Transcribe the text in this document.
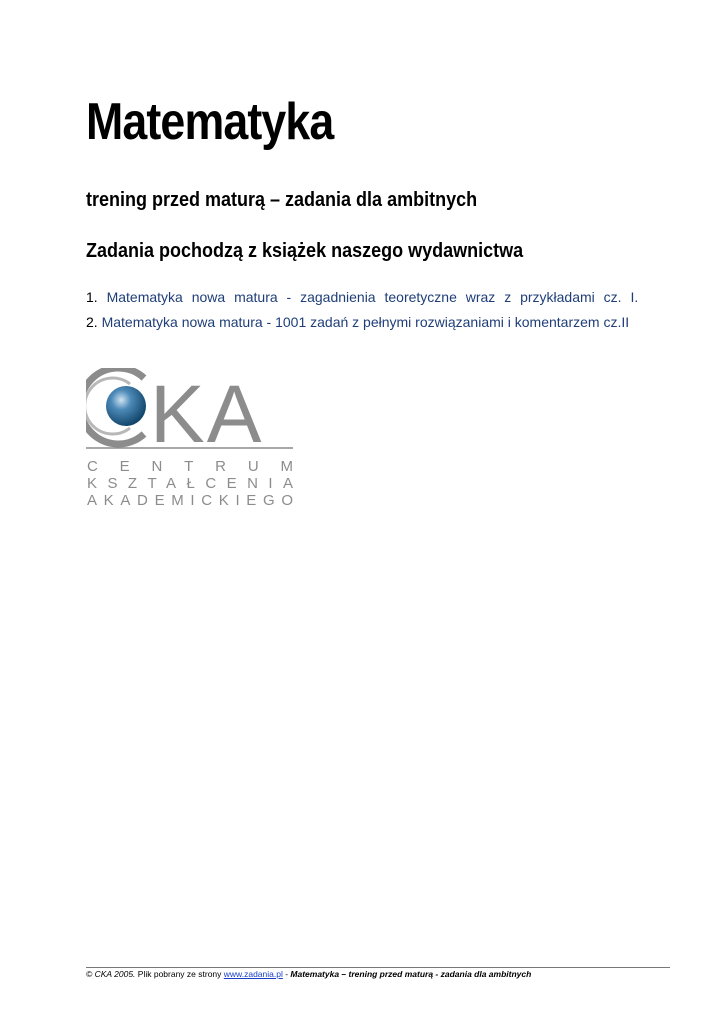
Matematyka
trening przed maturą – zadania dla ambitnych
Zadania pochodzą z książek naszego wydawnictwa
1. Matematyka nowa matura - zagadnienia teoretyczne wraz z przykładami cz. I.
2. Matematyka nowa matura - 1001 zadań z pełnymi rozwiązaniami i komentarzem cz.II
KA
CENTRUM
KSZTAŁCENIA
AKADEMICKIEGO
© CKA 2005. Plik pobrany ze strony www.zadania.pl - Matematyka – trening przed maturą - zadania dla ambitnych
